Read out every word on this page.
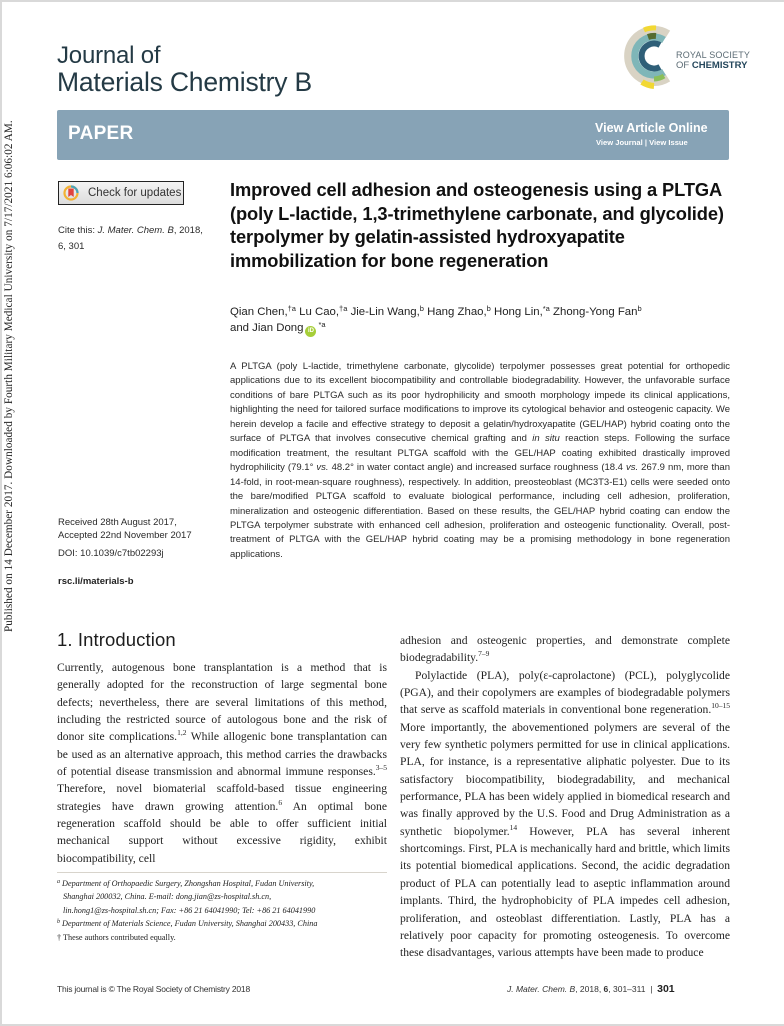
Published on 14 December 2017. Downloaded by Fourth Military Medical University on 7/17/2021 6:06:02 AM.
Journal of
Materials Chemistry B
ROYAL SOCIETY
OF CHEMISTRY
PAPER	View Article Online
View Journal | View Issue
Check for updates
Cite this: J. Mater. Chem. B, 2018,
6, 301
Improved cell adhesion and osteogenesis using a PLTGA (poly L-lactide, 1,3-trimethylene carbonate, and glycolide) terpolymer by gelatin-assisted hydroxyapatite immobilization for bone regeneration
Qian Chen,$^{\dagger a}$ Lu Cao,$^{\dagger a}$ Jie-Lin Wang,$^b$ Hang Zhao,$^b$ Hong Lin,$^{*a}$ Zhong-Yong Fan$^b$
and Jian Dong $iD^{*a}$

A PLTGA (poly L-lactide, trimethylene carbonate, glycolide) terpolymer possesses great potential for orthopedic applications due to its excellent biocompatibility and controllable biodegradability. However, the unfavorable surface conditions of bare PLTGA such as its poor hydrophilicity and smooth morphology impede its clinical applications, highlighting the need for tailored surface modifications to improve its cytological behavior and osteogenic capacity. We herein develop a facile and effective strategy to deposit a gelatin/hydroxyapatite (GEL/HAP) hybrid coating onto the surface of PLTGA that involves consecutive chemical grafting and in situ reaction steps. Following the surface modification treatment, the resultant PLTGA scaffold with the GEL/HAP coating exhibited drastically improved hydrophilicity (79.1° vs. 48.2° in water contact angle) and increased surface roughness (18.4 vs. 267.9 nm, more than 14-fold, in root-mean-square roughness), respectively. In addition, preosteoblast (MC3T3-E1) cells were seeded onto the bare/modified PLTGA scaffold to evaluate biological performance, including cell adhesion, proliferation, mineralization and osteogenic differentiation. Based on these results, the GEL/HAP hybrid coating can endow the PLTGA terpolymer substrate with enhanced cell adhesion, proliferation and osteogenic functionality. Overall, post-treatment of PLTGA with the GEL/HAP hybrid coating may be a promising methodology in bone regeneration applications.

Received 28th August 2017,
Accepted 22nd November 2017
DOI: 10.1039/c7tb02293j
rsc.li/materials-b
1. Introduction

Currently, autogenous bone transplantation is a method that is generally adopted for the reconstruction of large segmental bone defects; nevertheless, there are several limitations of this method, including the restricted source of autologous bone and the risk of donor site complications.$^{1,2}$ While allogenic bone transplantation can be used as an alternative approach, this method carries the drawbacks of potential disease transmission and abnormal immune responses.$^{3-5}$ Therefore, novel biomaterial scaffold-based tissue engineering strategies have drawn growing attention.$^6$ An optimal bone regeneration scaffold should be able to offer sufficient initial mechanical support without excessive rigidity, exhibit biocompatibility, cell

adhesion and osteogenic properties, and demonstrate complete biodegradability.$^{7-9}$

Polylactide (PLA), poly(ε-caprolactone) (PCL), polyglycolide (PGA), and their copolymers are examples of biodegradable polymers that serve as scaffold materials in conventional bone regeneration.$^{10-15}$ More importantly, the abovementioned polymers are several of the very few synthetic polymers permitted for use in clinical applications. PLA, for instance, is a representative aliphatic polyester. Due to its satisfactory biocompatibility, biodegradability, and mechanical performance, PLA has been widely applied in biomedical research and was finally approved by the U.S. Food and Drug Administration as a synthetic biopolymer.$^{14}$ However, PLA has several inherent shortcomings. First, PLA is mechanically hard and brittle, which limits its potential biomedical applications. Second, the acidic degradation product of PLA can potentially lead to aseptic inflammation around implants. Third, the hydrophobicity of PLA impedes cell adhesion, proliferation, and osteoblast differentiation. Lastly, PLA has a relatively poor capacity for promoting osteogenesis. To overcome these disadvantages, various attempts have been made to produce

$^a$ Department of Orthopaedic Surgery, Zhongshan Hospital, Fudan University,
Shanghai 200032, China. E-mail: dong.jian@zs-hospital.sh.cn,
lin.hong1@zs-hospital.sh.cn; Fax: +86 21 64041990; Tel: +86 21 64041990
$^b$ Department of Materials Science, Fudan University, Shanghai 200433, China
† These authors contributed equally.
This journal is © The Royal Society of Chemistry 2018	J. Mater. Chem. B, 2018, 6, 301–311  |  301
